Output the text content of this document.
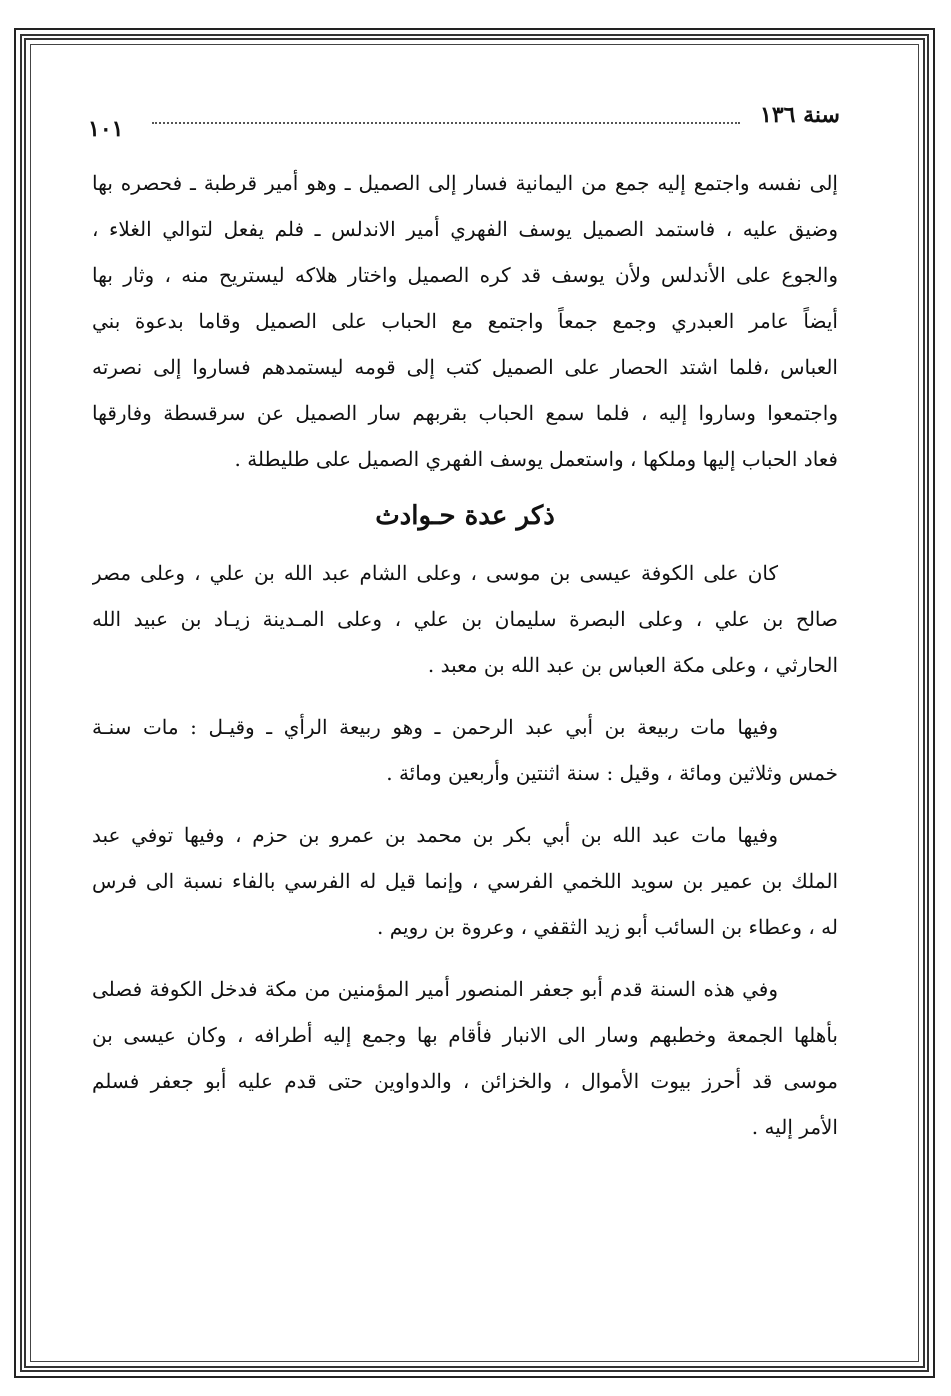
سنة ١٣٦
١٠١
إلى نفسه واجتمع إليه جمع من اليمانية فسار إلى الصميل ـ وهو أمير قرطبة ـ فحصره بها
وضيق عليه ، فاستمد الصميل يوسف الفهري أمير الاندلس ـ فلم يفعل لتوالي الغلاء ،
والجوع على الأندلس ولأن يوسف قد كره الصميل واختار هلاكه ليستريح منه ، وثار بها
أيضاً عامر العبدري وجمع جمعاً واجتمع مع الحباب على الصميل وقاما بدعوة بني
العباس ،فلما اشتد الحصار على الصميل كتب إلى قومه ليستمدهم فساروا إلى نصرته
واجتمعوا وساروا إليه ، فلما سمع الحباب بقربهم سار الصميل عن سرقسطة وفارقها
فعاد الحباب إليها وملكها ، واستعمل يوسف الفهري الصميل على طليطلة .
ذكر عدة حـوادث
كان على الكوفة عيسى بن موسى ، وعلى الشام عبد الله بن علي ، وعلى مصر
صالح بن علي ، وعلى البصرة سليمان بن علي ، وعلى المـدينة زيـاد بن عبيد الله
الحارثي ، وعلى مكة العباس بن عبد الله بن معبد .
وفيها مات ربيعة بن أبي عبد الرحمن ـ وهو ربيعة الرأي ـ وقيـل : مات سنـة
خمس وثلاثين ومائة ، وقيل : سنة اثنتين وأربعين ومائة .
وفيها مات عبد الله بن أبي بكر بن محمد بن عمرو بن حزم ، وفيها توفي عبد
الملك بن عمير بن سويد اللخمي الفرسي ، وإنما قيل له الفرسي بالفاء نسبة الى فرس
له ، وعطاء بن السائب أبو زيد الثقفي ، وعروة بن رويم .
وفي هذه السنة قدم أبو جعفر المنصور أمير المؤمنين من مكة فدخل الكوفة فصلى
بأهلها الجمعة وخطبهم وسار الى الانبار فأقام بها وجمع إليه أطرافه ، وكان عيسى بن
موسى قد أحرز بيوت الأموال ، والخزائن ، والدواوين حتى قدم عليه أبو جعفر فسلم
الأمر إليه .
